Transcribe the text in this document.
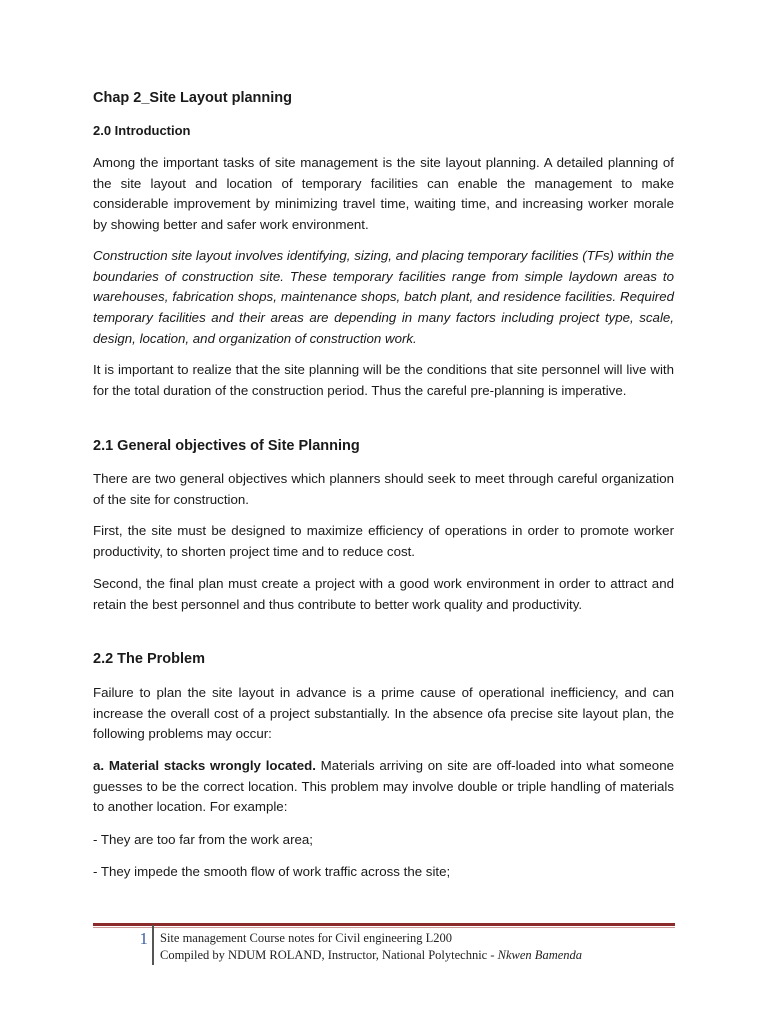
Chap 2_Site Layout planning
2.0 Introduction

Among the important tasks of site management is the site layout planning. A detailed planning of the site layout and location of temporary facilities can enable the management to make considerable improvement by minimizing travel time, waiting time, and increasing worker morale by showing better and safer work environment.

Construction site layout involves identifying, sizing, and placing temporary facilities (TFs) within the boundaries of construction site. These temporary facilities range from simple laydown areas to warehouses, fabrication shops, maintenance shops, batch plant, and residence facilities. Required temporary facilities and their areas are depending in many factors including project type, scale, design, location, and organization of construction work.

It is important to realize that the site planning will be the conditions that site personnel will live with for the total duration of the construction period. Thus the careful pre-planning is imperative.

2.1 General objectives of Site Planning

There are two general objectives which planners should seek to meet through careful organization of the site for construction.

First, the site must be designed to maximize efficiency of operations in order to promote worker productivity, to shorten project time and to reduce cost.

Second, the final plan must create a project with a good work environment in order to attract and retain the best personnel and thus contribute to better work quality and productivity.

2.2 The Problem

Failure to plan the site layout in advance is a prime cause of operational inefficiency, and can increase the overall cost of a project substantially. In the absence ofa precise site layout plan, the following problems may occur:

a. Material stacks wrongly located. Materials arriving on site are off-loaded into what someone guesses to be the correct location. This problem may involve double or triple handling of materials to another location. For example:

- They are too far from the work area;

- They impede the smooth flow of work traffic across the site;

1 Site management Course notes for Civil engineering L200
Compiled by NDUM ROLAND, Instructor, National Polytechnic - Nkwen Bamenda
